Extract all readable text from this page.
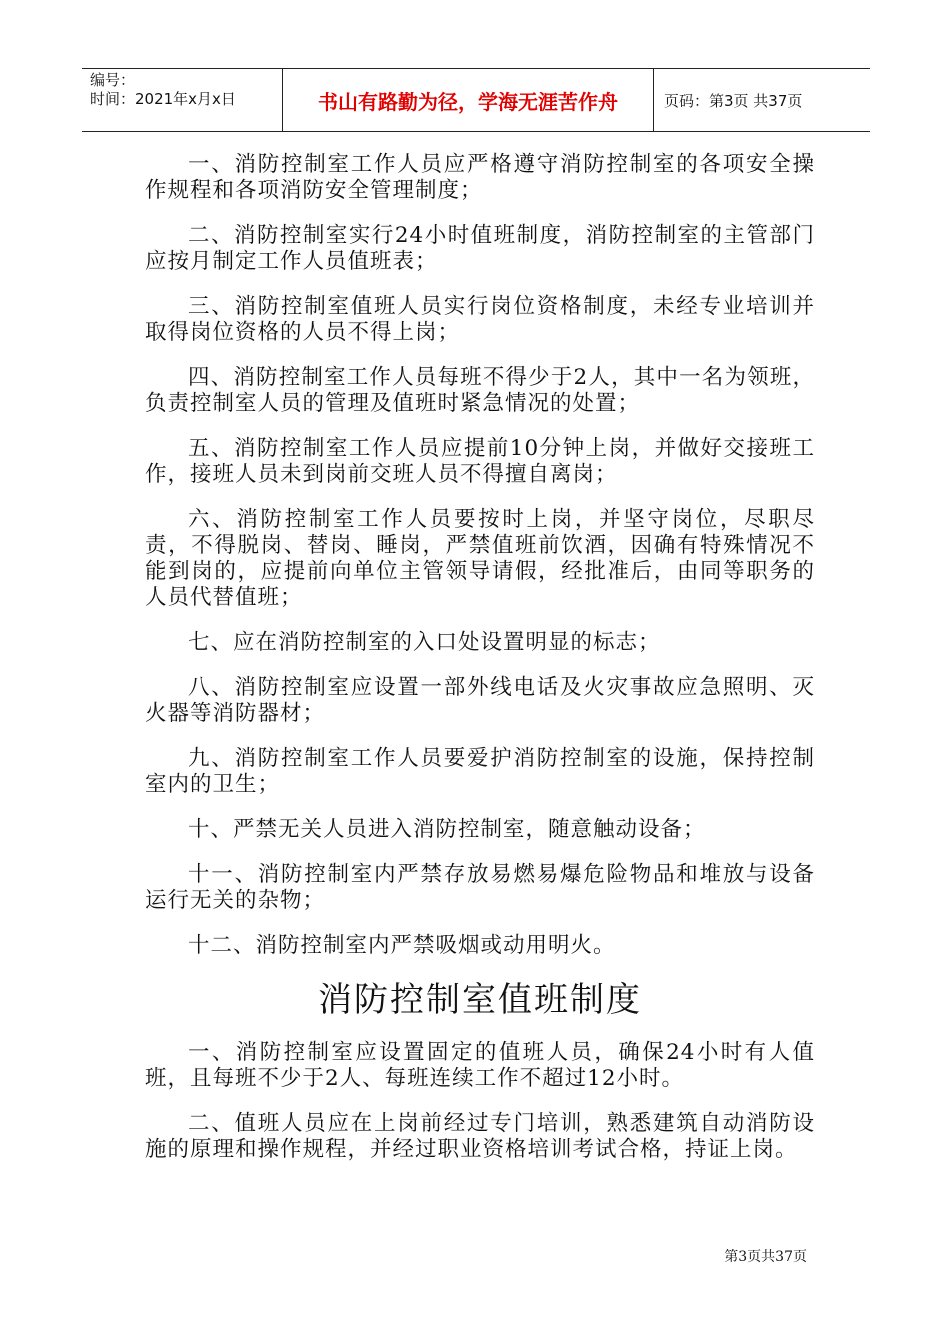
编号：
时间：2021年x月x日	书山有路勤为径，学海无涯苦作舟	页码：第3页 共37页

一、消防控制室工作人员应严格遵守消防控制室的各项安全操作规程和各项消防安全管理制度；

二、消防控制室实行24小时值班制度，消防控制室的主管部门应按月制定工作人员值班表；

三、消防控制室值班人员实行岗位资格制度，未经专业培训并取得岗位资格的人员不得上岗；

四、消防控制室工作人员每班不得少于2人，其中一名为领班，负责控制室人员的管理及值班时紧急情况的处置；

五、消防控制室工作人员应提前10分钟上岗，并做好交接班工作，接班人员未到岗前交班人员不得擅自离岗；

六、消防控制室工作人员要按时上岗，并坚守岗位，尽职尽责，不得脱岗、替岗、睡岗，严禁值班前饮酒，因确有特殊情况不能到岗的，应提前向单位主管领导请假，经批准后，由同等职务的人员代替值班；

七、应在消防控制室的入口处设置明显的标志；

八、消防控制室应设置一部外线电话及火灾事故应急照明、灭火器等消防器材；

九、消防控制室工作人员要爱护消防控制室的设施，保持控制室内的卫生；

十、严禁无关人员进入消防控制室，随意触动设备；

十一、消防控制室内严禁存放易燃易爆危险物品和堆放与设备运行无关的杂物；

十二、消防控制室内严禁吸烟或动用明火。

消防控制室值班制度

一、消防控制室应设置固定的值班人员，确保24小时有人值班，且每班不少于2人、每班连续工作不超过12小时。

二、值班人员应在上岗前经过专门培训，熟悉建筑自动消防设施的原理和操作规程，并经过职业资格培训考试合格，持证上岗。

第3页共37页
